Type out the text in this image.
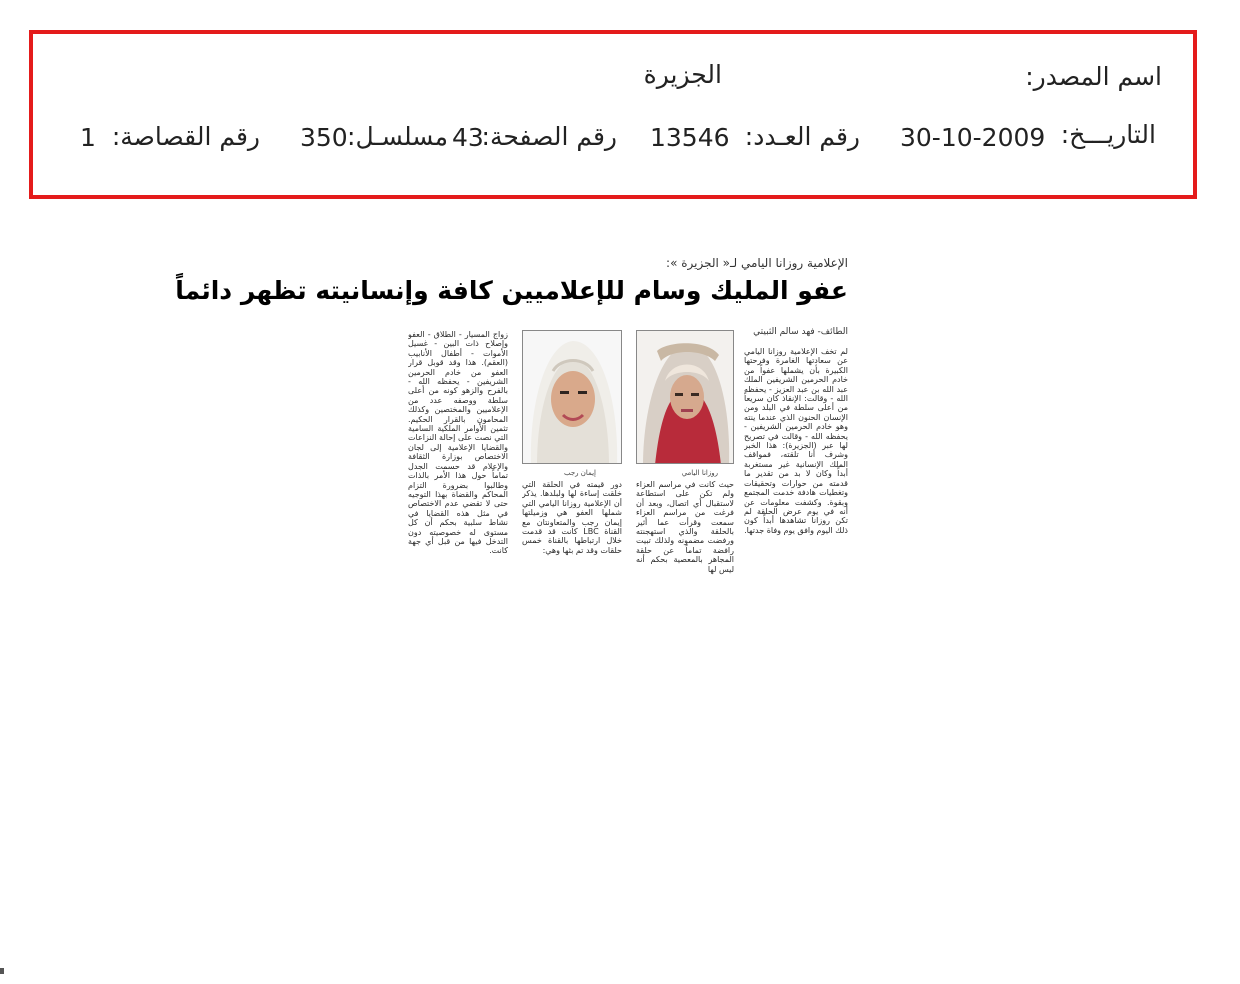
اسم المصدر:
الجزيرة
التاريـــخ:
30-10-2009
رقم العـدد:
13546
رقم الصفحة:
43
مسلسـل:
350
رقم القصاصة:
1
الإعلامية روزانا اليامي لـ« الجزيرة »:
عفو المليك وسام للإعلاميين كافة وإنسانيته تظهر دائماً
الطائف- فهد سالم الثبيتي
لم تخف الإعلامية روزانا اليامي عن سعادتها الغامرة وفرحتها الكبيرة بأن يشملها عفواً من خادم الحرمين الشريفين الملك عبد الله بن عبد العزيز - يحفظه الله - وقالت: الإنقاذ كان سريعاً من أعلى سلطة في البلد ومن الإنسان الحنون الذي عندما ينته وهو خادم الحرمين الشريفين - يحفظه الله - وقالت في تصريح لها عبر (الجزيرة): هذا الخبر وشرف أنا تلقته، فمواقف الملك الإنسانية غير مستغربة أبداً وكان لا بد من تقدير ما قدمته من حوارات وتحقيقات وتغطيات هادفة خدمت المجتمع وبقوة. وكشفت معلومات عن أنه في يوم عرض الحلقة لم تكن روزانا تشاهدها أبداً كون ذلك اليوم وافق يوم وفاة جدتها.
روزانا اليامي
إيمان رجب
حيث كانت في مراسم العزاء ولم تكن على استطاعة لاستقبال أي اتصال، وبعد أن فرغت من مراسم العزاء سمعت وقرأت عما أثير بالحلقة والذي استهجنته ورفضت مضمونه ولذلك تبيت رافضة تماماً عن حلقة المجاهر بالمعصية بحكم أنه ليس لها
دور قيمته في الحلقة التي خلقت إساءة لها ولبلدها. يذكر أن الإعلامية روزانا اليامي التي شملها العفو هي وزميلتها إيمان رجب والمتعاونتان مع القناة LBC كانت قد قدمت خلال ارتباطها بالقناة خمس حلقات وقد تم بثها وهي:
زواج المسيار - الطلاق - العفو وإصلاح ذات البين - غسيل الأموات - أطفال الأنابيب (العقم). هذا وقد قوبل قرار العفو من خادم الحرمين الشريفين - يحفظه الله - بالفرح والزهو كونه من أعلى سلطة ووصفه عدد من الإعلاميين والمختصين وكذلك المحامون بالقرار الحكيم. تثمين الأوامر الملكية السامية التي نصت على إحالة النزاعات والقضايا الإعلامية إلى لجان الاختصاص بوزارة الثقافة والإعلام قد حسمت الجدل تماماً حول هذا الأمر بالذات وطالبوا بضرورة التزام المحاكم والقضاة بهذا التوجيه حتى لا تقضي عدم الاختصاص في مثل هذه القضايا في نشاط سلبية بحكم أن كل مستوى له خصوصيته دون التدخل فيها من قبل أي جهة كانت.
